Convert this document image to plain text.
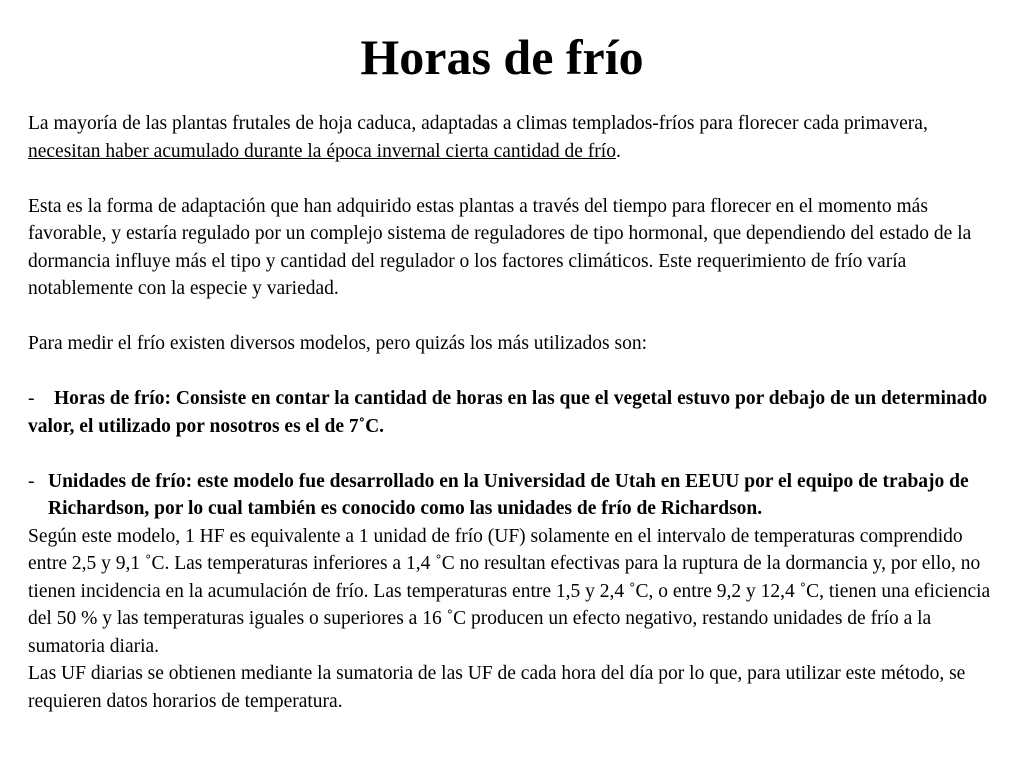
Horas de frío

La mayoría de las plantas frutales de hoja caduca, adaptadas a climas templados-fríos para florecer cada primavera, necesitan haber acumulado durante la época invernal cierta cantidad de frío.

Esta es la forma de adaptación que han adquirido estas plantas a través del tiempo para florecer en el momento más favorable, y estaría regulado por un complejo sistema de reguladores de tipo hormonal, que dependiendo del estado de la dormancia influye más el tipo y cantidad del regulador o los factores climáticos. Este requerimiento de frío varía notablemente con la especie y variedad.

Para medir el frío existen diversos modelos, pero quizás los más utilizados son:

-    Horas de frío: Consiste en contar la cantidad de horas en las que el vegetal estuvo por debajo de un determinado valor, el utilizado por nosotros es el de 7˚C.

- Unidades de frío: este modelo fue desarrollado en la Universidad de Utah en EEUU por el equipo de trabajo de Richardson, por lo cual también es conocido como las unidades de frío de Richardson.

Según este modelo, 1 HF es equivalente a 1 unidad de frío (UF) solamente en el intervalo de temperaturas comprendido entre 2,5 y 9,1 ˚C. Las temperaturas inferiores a 1,4 ˚C no resultan efectivas para la ruptura de la dormancia y, por ello, no tienen incidencia en la acumulación de frío. Las temperaturas entre 1,5 y 2,4 ˚C, o entre 9,2 y 12,4 ˚C, tienen una eficiencia del 50 % y las temperaturas iguales o superiores a 16 ˚C producen un efecto negativo, restando unidades de frío a la sumatoria diaria.

Las UF diarias se obtienen mediante la sumatoria de las UF de cada hora del día por lo que, para utilizar este método, se requieren datos horarios de temperatura.
